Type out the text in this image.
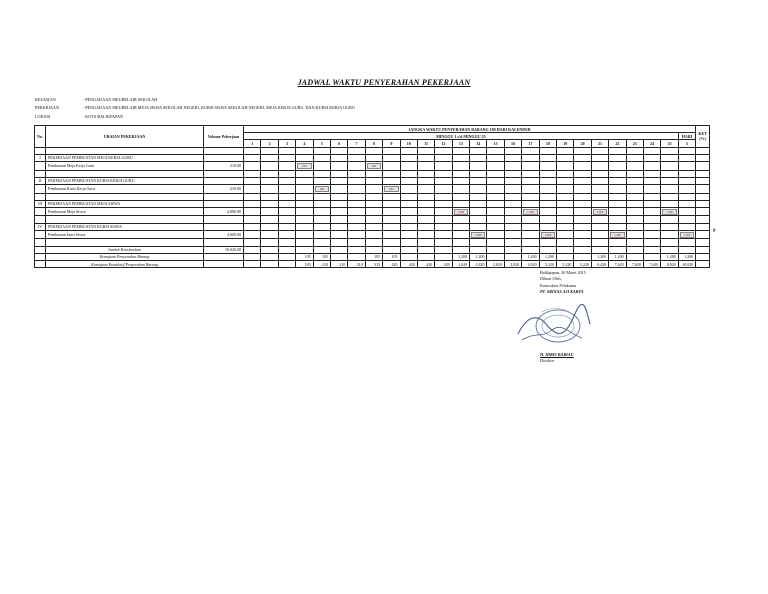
JADWAL WAKTU PENYERAHAN PEKERJAAN
KEGIATAN	: PENGADAAN MEUBELAIR SEKOLAH
PEKERJAAN	: PENGADAAN MEUBELAIR MEJA SISWA SEKOLAH NEGERI, KURSI SISWA SEKOLAH NEGERI, MEJA KERJA GURU, DAN KURSI KERJA GURU
LOKASI	: KOTA BALIKPAPAN
No.	URAIAN PEKERJAAN	Volume Pekerjaan	JANGKA WAKTU PENYERAHAN BARANG 180 HARI KALENDER																										KET
(%)

			MINGGU 1 s/d MINGGU 25																									HARI	
			1	2	3	4	5	6	7	8	9	10	11	12	13	14	15	16	17	18	19	20	21	22	23	24	25	5	

I	PEKERJAAN PEMBUATAN MEJA KERJA GURU																												
	Pembuatan Meja Kerja Guru	210.00				105				105																			

II	PEKERJAAN PEMBUATAN KURSI KERJA GURU																												
	Pembuatan Kursi Kerja Guru	210.00					105				105																		

III	PEKERJAAN PEMBUATAN MEJA SISWA																												
	Pembuatan Meja Siswa	4,800.00													1,200				1,200				1,200				1,200		

IV	PEKERJAAN PEMBUATAN KURSI SISWA																												
	Pembuatan kursi Siswa	4,800.00														1,200				1,200				1,200				1,200	

	Jumlah Keseluruhan	10,020.00																											
	Kemajuan Penyerahan Barang					105	105			105	105				1,200	1,200			1,200	1,200			1,200	1,200			1,200	1,200	
	Kemajuan Kumulatif Penyerahan Barang					105	210	210	210	315	420	420	420	420	1,620	2,820	2,820	2,820	4,020	5,220	5,220	5,220	6,420	7,620	7,620	7,620	8,820	10,020	
#
Balikpapan, 20 Maret 2015
Dibuat Oleh,
Kontraktor Pelaksana
PT. SRINAS AJI KARYA
H. IDRIS BARIAU
Direktur
